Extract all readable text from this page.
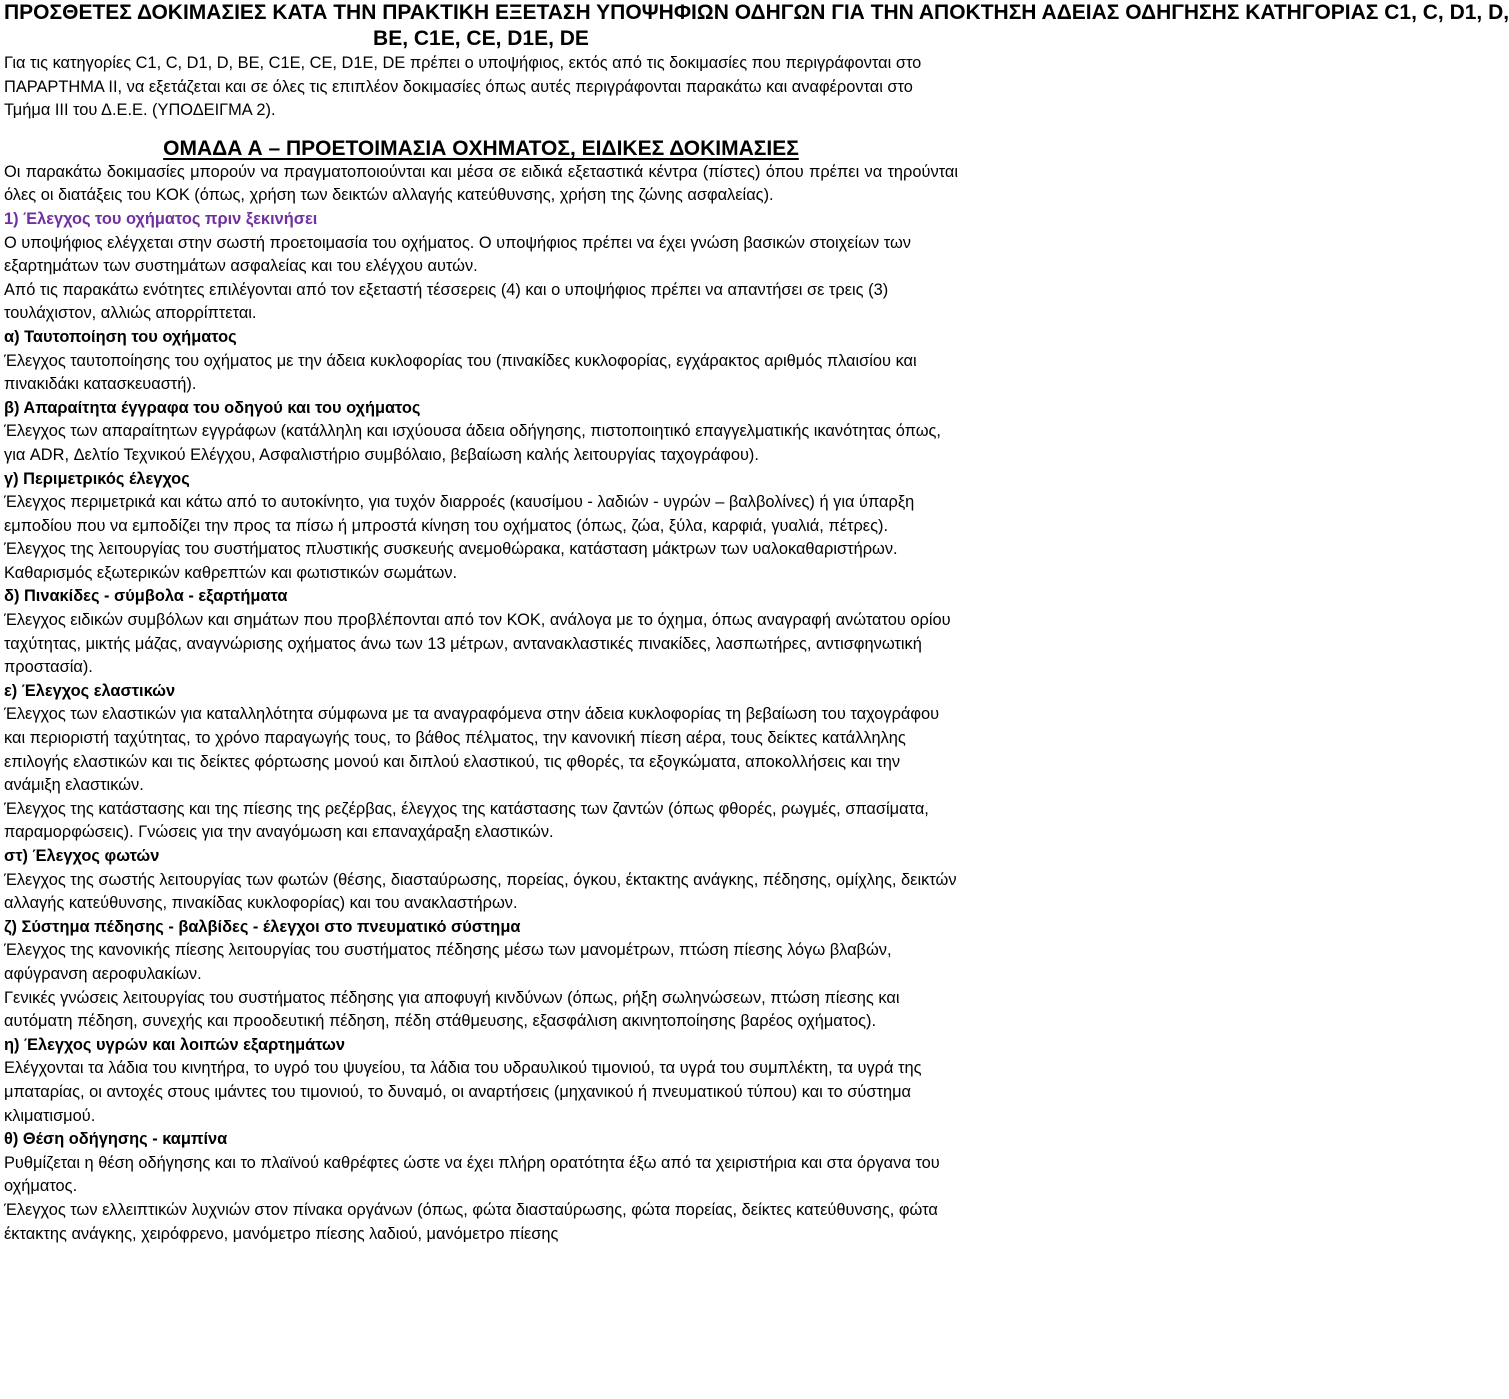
ΠΡΟΣΘΕΤΕΣ ΔΟΚΙΜΑΣΙΕΣ ΚΑΤΑ ΤΗΝ ΠΡΑΚΤΙΚΗ ΕΞΕΤΑΣΗ ΥΠΟΨΗΦΙΩΝ ΟΔΗΓΩΝ ΓΙΑ ΤΗΝ ΑΠΟΚΤΗΣΗ ΑΔΕΙΑΣ ΟΔΗΓΗΣΗΣ ΚΑΤΗΓΟΡΙΑΣ C1, C, D1, D,
ΒΕ, C1E, CE, D1E, DE

Για τις κατηγορίες C1, C, D1, D, BE, C1E, CE, D1E, DE πρέπει ο υποψήφιος, εκτός από τις δοκιμασίες που περιγράφονται στο ΠΑΡΑΡΤΗΜΑ ΙΙ, να εξετάζεται και σε όλες τις επιπλέον δοκιμασίες όπως αυτές περιγράφονται παρακάτω και αναφέρονται στο Τμήμα ΙΙΙ του Δ.Ε.Ε. (ΥΠΟΔΕΙΓΜΑ 2).

ΟΜΑΔΑ Α – ΠΡΟΕΤΟΙΜΑΣΙΑ ΟΧΗΜΑΤΟΣ, ΕΙΔΙΚΕΣ ΔΟΚΙΜΑΣΙΕΣ

Οι παρακάτω δοκιμασίες μπορούν να πραγματοποιούνται και μέσα σε ειδικά εξεταστικά κέντρα (πίστες) όπου πρέπει να τηρούνται όλες οι διατάξεις του ΚΟΚ (όπως, χρήση των δεικτών αλλαγής κατεύθυνσης, χρήση της ζώνης ασφαλείας).

1) Έλεγχος του οχήματος πριν ξεκινήσει

Ο υποψήφιος ελέγχεται στην σωστή προετοιμασία του οχήματος. Ο υποψήφιος πρέπει να έχει γνώση βασικών στοιχείων των εξαρτημάτων των συστημάτων ασφαλείας και του ελέγχου αυτών.

Από τις παρακάτω ενότητες επιλέγονται από τον εξεταστή τέσσερεις (4) και ο υποψήφιος πρέπει να απαντήσει σε τρεις (3) τουλάχιστον, αλλιώς απορρίπτεται.

α) Ταυτοποίηση του οχήματος

Έλεγχος ταυτοποίησης του οχήματος με την άδεια κυκλοφορίας του (πινακίδες κυκλοφορίας, εγχάρακτος αριθμός πλαισίου και πινακιδάκι κατασκευαστή).

β) Απαραίτητα έγγραφα του οδηγού και του οχήματος

Έλεγχος των απαραίτητων εγγράφων (κατάλληλη και ισχύουσα άδεια οδήγησης, πιστοποιητικό επαγγελματικής ικανότητας όπως, για ADR, Δελτίο Τεχνικού Ελέγχου, Ασφαλιστήριο συμβόλαιο, βεβαίωση καλής λειτουργίας ταχογράφου).

γ) Περιμετρικός έλεγχος

Έλεγχος περιμετρικά και κάτω από το αυτοκίνητο, για τυχόν διαρροές (καυσίμου - λαδιών - υγρών – βαλβολίνες) ή για ύπαρξη εμποδίου που να εμποδίζει την προς τα πίσω ή μπροστά κίνηση του οχήματος (όπως, ζώα, ξύλα, καρφιά, γυαλιά, πέτρες).

Έλεγχος της λειτουργίας του συστήματος πλυστικής συσκευής ανεμοθώρακα, κατάσταση μάκτρων των υαλοκαθαριστήρων.

Καθαρισμός εξωτερικών καθρεπτών και φωτιστικών σωμάτων.

δ) Πινακίδες - σύμβολα - εξαρτήματα

Έλεγχος ειδικών συμβόλων και σημάτων που προβλέπονται από τον ΚΟΚ, ανάλογα με το όχημα, όπως αναγραφή ανώτατου ορίου ταχύτητας, μικτής μάζας, αναγνώρισης οχήματος άνω των 13 μέτρων, αντανακλαστικές πινακίδες, λασπωτήρες, αντισφηνωτική προστασία).

ε) Έλεγχος ελαστικών

Έλεγχος των ελαστικών για καταλληλότητα σύμφωνα με τα αναγραφόμενα στην άδεια κυκλοφορίας τη βεβαίωση του ταχογράφου και περιοριστή ταχύτητας, το χρόνο παραγωγής τους, το βάθος πέλματος, την κανονική πίεση αέρα, τους δείκτες κατάλληλης επιλογής ελαστικών και τις δείκτες φόρτωσης μονού και διπλού ελαστικού, τις φθορές, τα εξογκώματα, αποκολλήσεις και την ανάμιξη ελαστικών.

Έλεγχος της κατάστασης και της πίεσης της ρεζέρβας, έλεγχος της κατάστασης των ζαντών (όπως φθορές, ρωγμές, σπασίματα, παραμορφώσεις). Γνώσεις για την αναγόμωση και επαναχάραξη ελαστικών.

στ) Έλεγχος φωτών

Έλεγχος της σωστής λειτουργίας των φωτών (θέσης, διασταύρωσης, πορείας, όγκου, έκτακτης ανάγκης, πέδησης, ομίχλης, δεικτών αλλαγής κατεύθυνσης, πινακίδας κυκλοφορίας) και του ανακλαστήρων.

ζ) Σύστημα πέδησης - βαλβίδες - έλεγχοι στο πνευματικό σύστημα

Έλεγχος της κανονικής πίεσης λειτουργίας του συστήματος πέδησης μέσω των μανομέτρων, πτώση πίεσης λόγω βλαβών, αφύγρανση αεροφυλακίων.

Γενικές γνώσεις λειτουργίας του συστήματος πέδησης για αποφυγή κινδύνων (όπως, ρήξη σωληνώσεων, πτώση πίεσης και αυτόματη πέδηση, συνεχής και προοδευτική πέδηση, πέδη στάθμευσης, εξασφάλιση ακινητοποίησης βαρέος οχήματος).

η) Έλεγχος υγρών και λοιπών εξαρτημάτων

Ελέγχονται τα λάδια του κινητήρα, το υγρό του ψυγείου, τα λάδια του υδραυλικού τιμονιού, τα υγρά του συμπλέκτη, τα υγρά της μπαταρίας, οι αντοχές στους ιμάντες του τιμονιού, το δυναμό, οι αναρτήσεις (μηχανικού ή πνευματικού τύπου) και το σύστημα κλιματισμού.

θ) Θέση οδήγησης - καμπίνα

Ρυθμίζεται η θέση οδήγησης και το πλαϊνού καθρέφτες ώστε να έχει πλήρη ορατότητα έξω από τα χειριστήρια και στα όργανα του οχήματος.

Έλεγχος των ελλειπτικών λυχνιών στον πίνακα οργάνων (όπως, φώτα διασταύρωσης, φώτα πορείας, δείκτες κατεύθυνσης, φώτα έκτακτης ανάγκης, χειρόφρενο, μανόμετρο πίεσης λαδιού, μανόμετρο πίεσης
